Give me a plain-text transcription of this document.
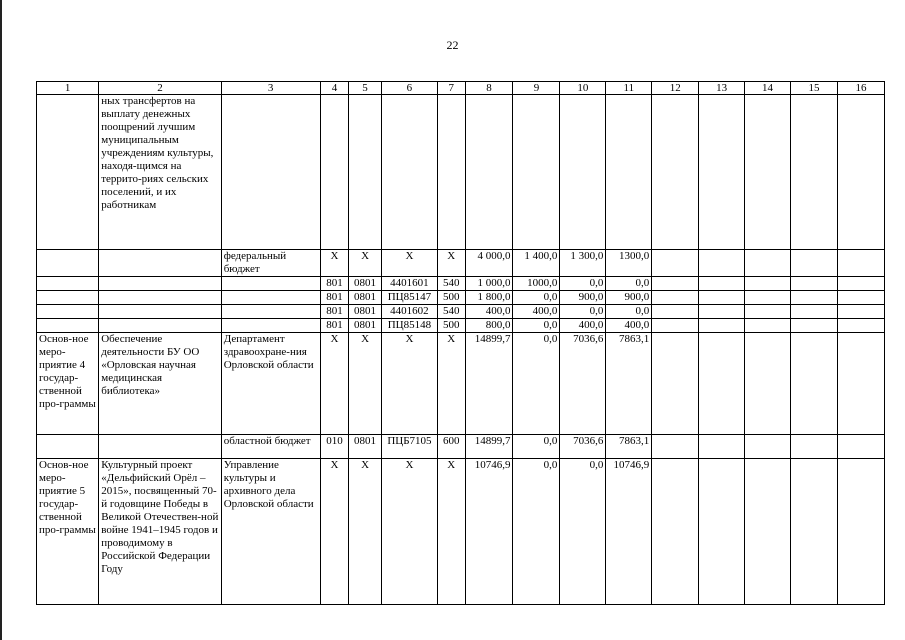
22
1	2	3	4	5	6	7	8	9	10	11	12	13	14	15	16
	ных трансфертов на выплату денежных поощрений лучшим муниципальным учреждениям культуры, находя-щимся на террито-риях сельских поселений, и их работникам														
		федеральный бюджет	X	X	X	X	4 000,0	1 400,0	1 300,0	1300,0					
			801	0801	4401601	540	1 000,0	1000,0	0,0	0,0					
			801	0801	ПЦ85147	500	1 800,0	0,0	900,0	900,0					
			801	0801	4401602	540	400,0	400,0	0,0	0,0					
			801	0801	ПЦ85148	500	800,0	0,0	400,0	400,0					
Основ-ное меро-приятие 4 государ-ственной про-граммы	Обеспечение деятельности БУ ОО «Орловская научная медицинская библиотека»	Департамент здравоохране-ния Орловской области	X	X	X	X	14899,7	0,0	7036,6	7863,1					
		областной бюджет	010	0801	ПЦБ7105	600	14899,7	0,0	7036,6	7863,1					
Основ-ное меро-приятие 5 государ-ственной про-граммы	Культурный проект «Дельфийский Орёл – 2015», посвященный 70-й годовщине Победы в Великой Отечествен-ной войне 1941–1945 годов и проводимому в Российской Федерации Году	Управление культуры и архивного дела Орловской области	X	X	X	X	10746,9	0,0	0,0	10746,9					
